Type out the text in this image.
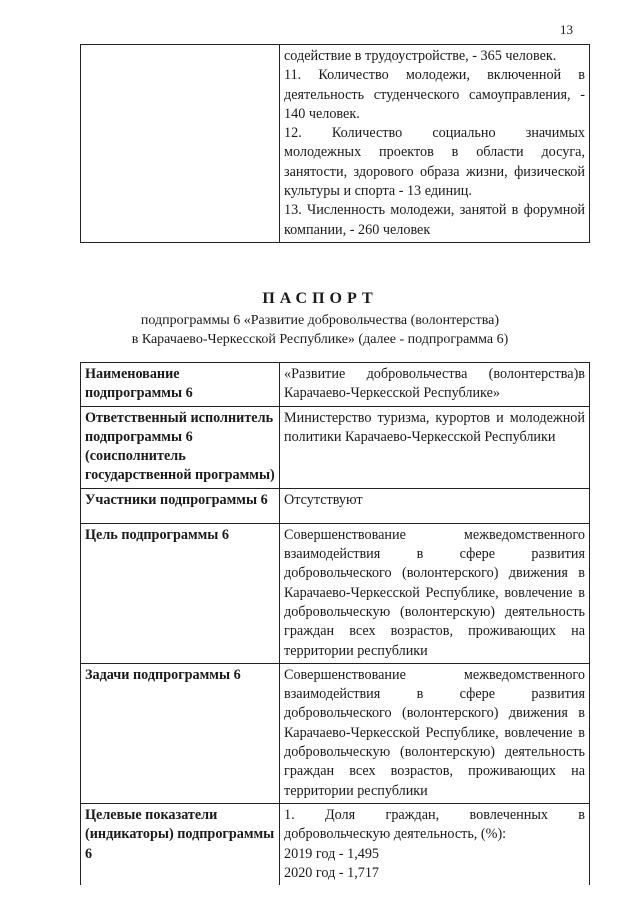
13

содействие в трудоустройстве, - 365 человек.
11. Количество молодежи, включенной в деятельность студенческого самоуправления, - 140 человек.
12. Количество социально значимых молодежных проектов в области досуга, занятости, здорового образа жизни, физической культуры и спорта - 13 единиц.
13. Численность молодежи, занятой в форумной компании, - 260 человек
ПАСПОРТ
подпрограммы 6 «Развитие добровольчества (волонтерства)
в Карачаево-Черкесской Республике» (далее - подпрограмма 6)
Наименование подпрограммы 6	«Развитие добровольчества (волонтерства)в Карачаево-Черкесской Республике»

Ответственный исполнитель подпрограммы 6 (соисполнитель государственной программы)	Министерство туризма, курортов и молодежной политики Карачаево-Черкесской Республики

Участники подпрограммы 6	Отсутствуют

Цель подпрограммы 6	Совершенствование межведомственного взаимодействия в сфере развития добровольческого (волонтерского) движения в Карачаево-Черкесской Республике, вовлечение в добровольческую (волонтерскую) деятельность граждан всех возрастов, проживающих на территории республики

Задачи подпрограммы 6	Совершенствование межведомственного взаимодействия в сфере развития добровольческого (волонтерского) движения в Карачаево-Черкесской Республике, вовлечение в добровольческую (волонтерскую) деятельность граждан всех возрастов, проживающих на территории республики

Целевые показатели (индикаторы) подпрограммы 6	1. Доля граждан, вовлеченных в добровольческую деятельность, (%):
2019 год - 1,495
2020 год - 1,717
